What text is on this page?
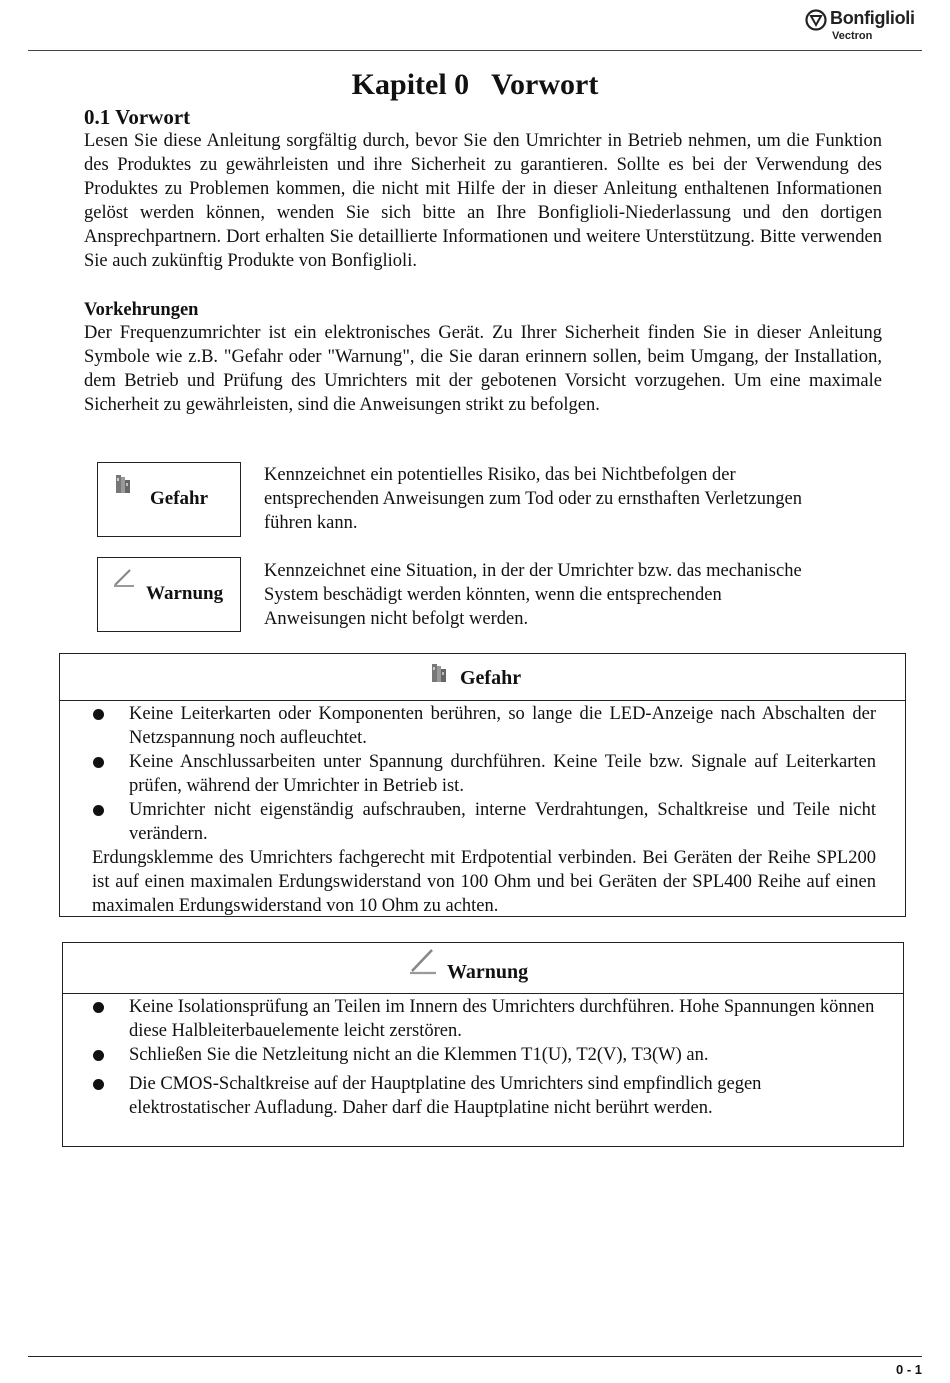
Bonfiglioli
Vectron
Kapitel 0   Vorwort
0.1 Vorwort

Lesen Sie diese Anleitung sorgfältig durch, bevor Sie den Umrichter in Betrieb nehmen, um die Funktion des Produktes zu gewährleisten und ihre Sicherheit zu garantieren. Sollte es bei der Verwendung des Produktes zu Problemen kommen, die nicht mit Hilfe der in dieser Anleitung enthaltenen Informationen gelöst werden können, wenden Sie sich bitte an Ihre Bonfiglioli-Niederlassung und den dortigen Ansprechpartnern. Dort erhalten Sie detaillierte Informationen und weitere Unterstützung. Bitte verwenden Sie auch zukünftig Produkte von Bonfiglioli.

Vorkehrungen

Der Frequenzumrichter ist ein elektronisches Gerät. Zu Ihrer Sicherheit finden Sie in dieser Anleitung Symbole wie z.B. "Gefahr oder "Warnung", die Sie daran erinnern sollen, beim Umgang, der Installation, dem Betrieb und Prüfung des Umrichters mit der gebotenen Vorsicht vorzugehen. Um eine maximale Sicherheit zu gewährleisten, sind die Anweisungen strikt zu befolgen.

Gefahr

Kennzeichnet ein potentielles Risiko, das bei Nichtbefolgen der entsprechenden Anweisungen zum Tod oder zu ernsthaften Verletzungen führen kann.

Warnung

Kennzeichnet eine Situation, in der der Umrichter bzw. das mechanische System beschädigt werden könnten, wenn die entsprechenden Anweisungen nicht befolgt werden.

Gefahr
Keine Leiterkarten oder Komponenten berühren, so lange die LED-Anzeige nach Abschalten der Netzspannung noch aufleuchtet.
Keine Anschlussarbeiten unter Spannung durchführen. Keine Teile bzw. Signale auf Leiterkarten prüfen, während der Umrichter in Betrieb ist.
Umrichter nicht eigenständig aufschrauben, interne Verdrahtungen, Schaltkreise und Teile nicht verändern.

Erdungsklemme des Umrichters fachgerecht mit Erdpotential verbinden. Bei Geräten der Reihe SPL200 ist auf einen maximalen Erdungswiderstand von 100 Ohm und bei Geräten der SPL400 Reihe auf einen maximalen Erdungswiderstand von 10 Ohm zu achten.

Warnung
Keine Isolationsprüfung an Teilen im Innern des Umrichters durchführen. Hohe Spannungen können diese Halbleiterbauelemente leicht zerstören.
Schließen Sie die Netzleitung nicht an die Klemmen T1(U), T2(V), T3(W) an.
Die CMOS-Schaltkreise auf der Hauptplatine des Umrichters sind empfindlich gegen elektrostatischer Aufladung. Daher darf die Hauptplatine nicht berührt werden.
0 - 1
